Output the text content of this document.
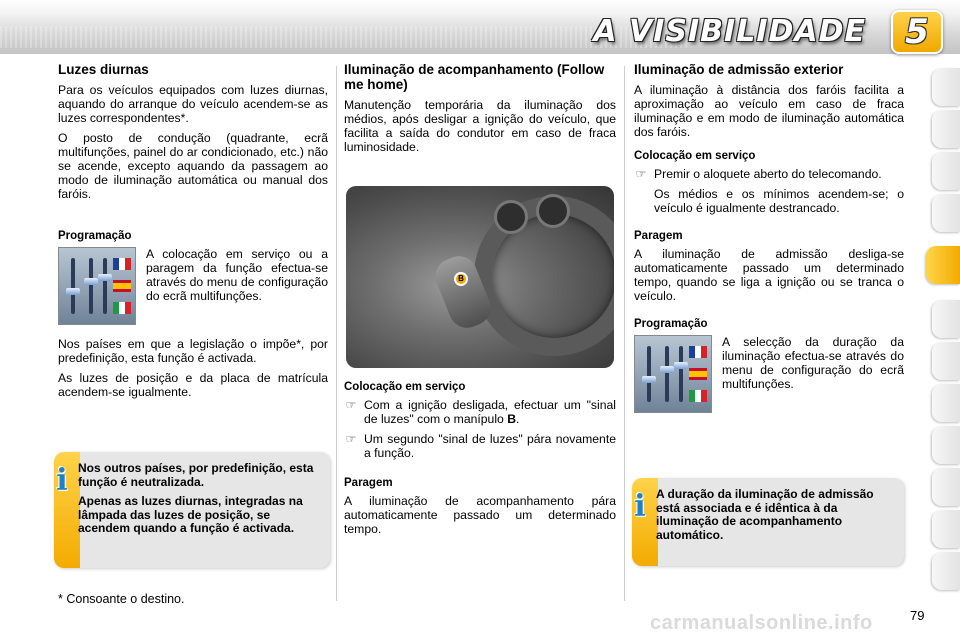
A VISIBILIDADE 5
Luzes diurnas

Para os veículos equipados com luzes diurnas, aquando do arranque do veículo acendem-se as luzes correspondentes*.

O posto de condução (quadrante, ecrã multifunções, painel do ar condicionado, etc.) não se acende, excepto aquando da passagem ao modo de iluminação automática ou manual dos faróis.

Programação

A colocação em serviço ou a paragem da função efectua-se através do menu de configuração do ecrã multifunções.

Nos países em que a legislação o impõe*, por predefinição, esta função é activada.

As luzes de posição e da placa de matrícula acendem-se igualmente.

i Nos outros países, por predefinição, esta função é neutralizada.

Apenas as luzes diurnas, integradas na lâmpada das luzes de posição, se acendem quando a função é activada.

* Consoante o destino.
Iluminação de acompanhamento (Follow me home)

Manutenção temporária da iluminação dos médios, após desligar a ignição do veículo, que facilita a saída do condutor em caso de fraca luminosidade.

B
Colocação em serviço
☞ Com a ignição desligada, efectuar um "sinal de luzes" com o manípulo B.
☞ Um segundo "sinal de luzes" pára novamente a função.
Paragem

A iluminação de acompanhamento pára automaticamente passado um determinado tempo.

Iluminação de admissão exterior

A iluminação à distância dos faróis facilita a aproximação ao veículo em caso de fraca iluminação e em modo de iluminação automática dos faróis.

Colocação em serviço
☞ Premir o aloquete aberto do telecomando.

Os médios e os mínimos acendem-se; o veículo é igualmente destrancado.

Paragem

A iluminação de admissão desliga-se automaticamente passado um determinado tempo, quando se liga a ignição ou se tranca o veículo.

Programação

A selecção da duração da iluminação efectua-se através do menu de configuração do ecrã multifunções.

i A duração da iluminação de admissão está associada e é idêntica à da iluminação de acompanhamento automático.

carmanualsonline.info	79
